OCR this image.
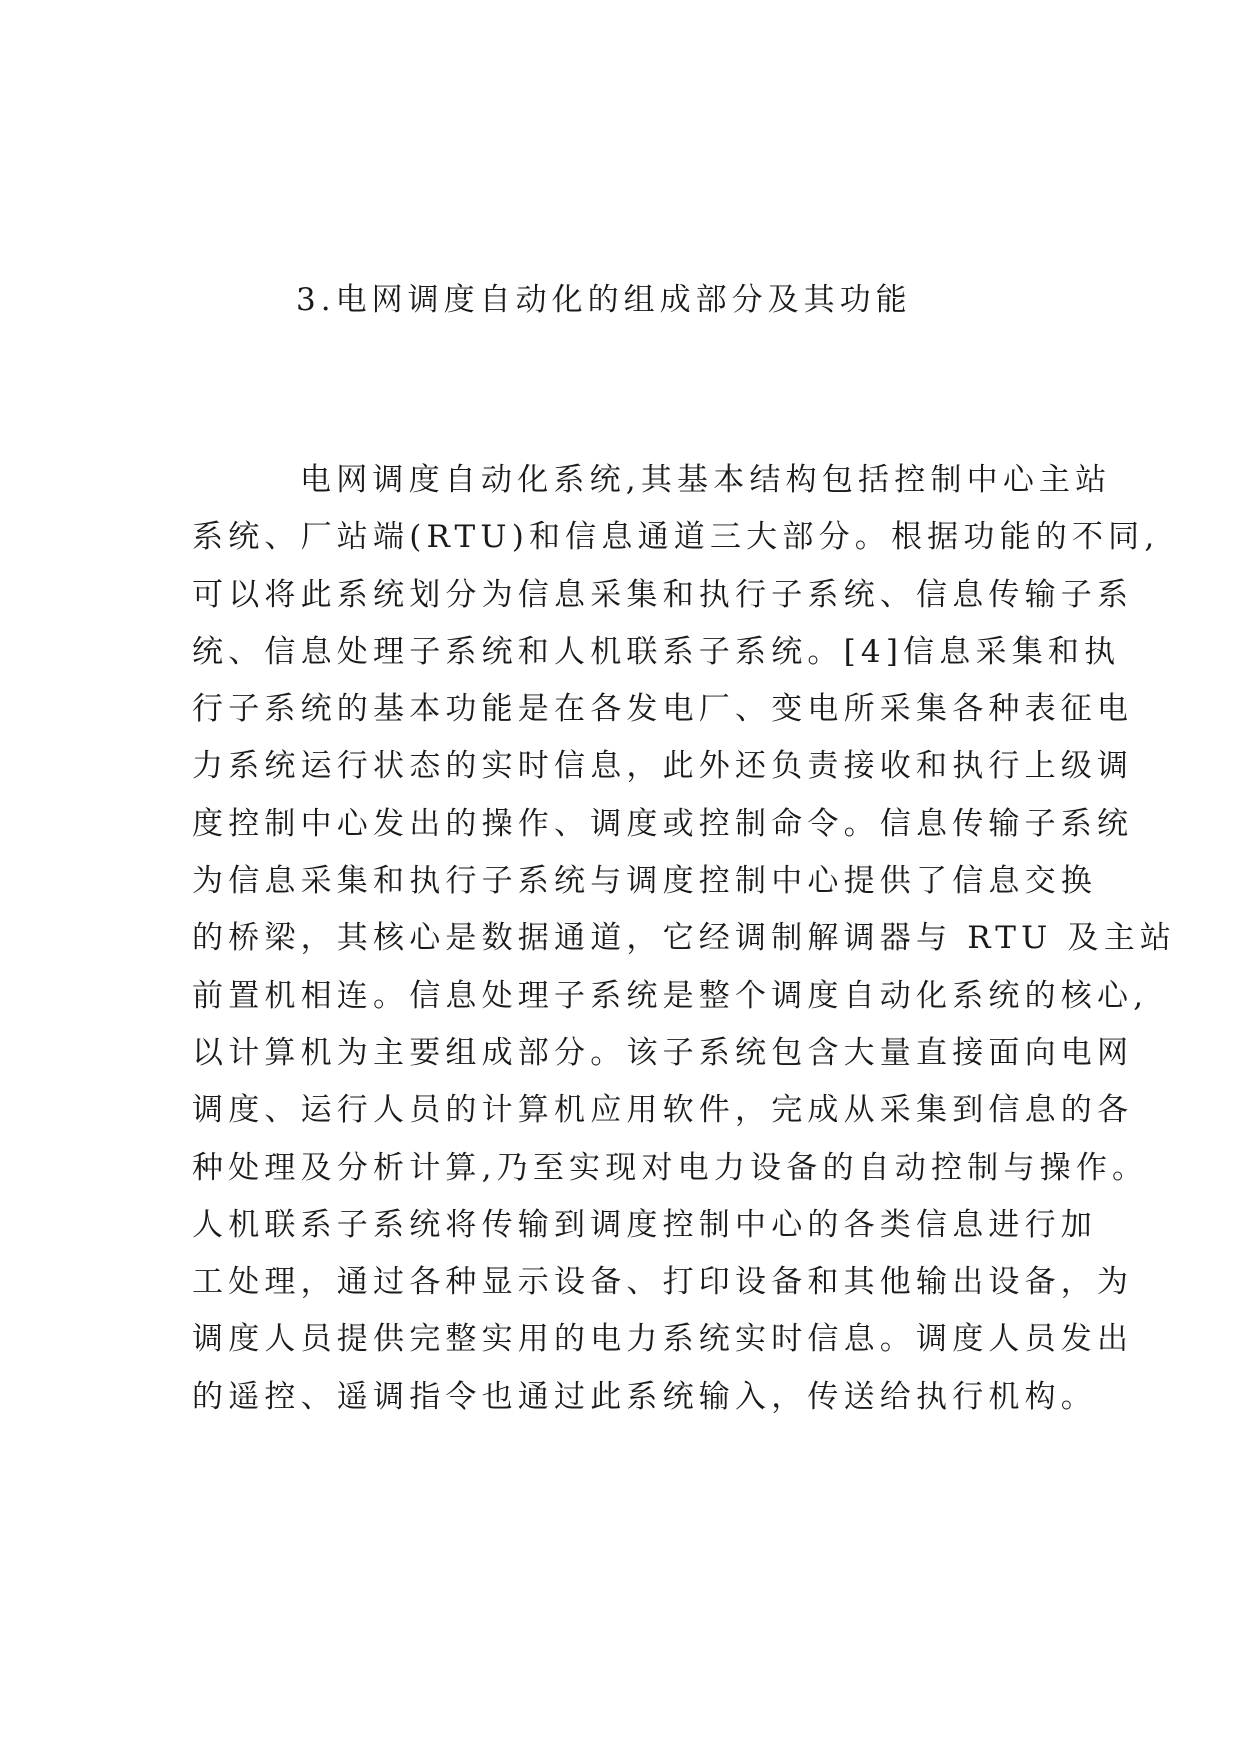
3.电网调度自动化的组成部分及其功能
电网调度自动化系统,其基本结构包括控制中心主站
系统、厂站端(RTU)和信息通道三大部分。根据功能的不同,
可以将此系统划分为信息采集和执行子系统、信息传输子系
统、信息处理子系统和人机联系子系统。[4]信息采集和执
行子系统的基本功能是在各发电厂、变电所采集各种表征电
力系统运行状态的实时信息，此外还负责接收和执行上级调
度控制中心发出的操作、调度或控制命令。信息传输子系统
为信息采集和执行子系统与调度控制中心提供了信息交换
的桥梁，其核心是数据通道，它经调制解调器与 RTU 及主站
前置机相连。信息处理子系统是整个调度自动化系统的核心,
以计算机为主要组成部分。该子系统包含大量直接面向电网
调度、运行人员的计算机应用软件，完成从采集到信息的各
种处理及分析计算,乃至实现对电力设备的自动控制与操作。
人机联系子系统将传输到调度控制中心的各类信息进行加
工处理，通过各种显示设备、打印设备和其他输出设备，为
调度人员提供完整实用的电力系统实时信息。调度人员发出
的遥控、遥调指令也通过此系统输入，传送给执行机构。
